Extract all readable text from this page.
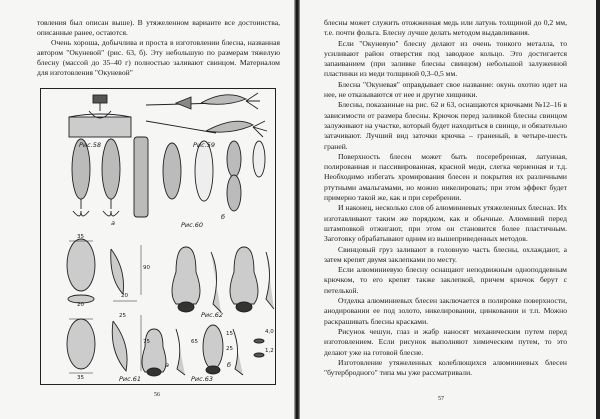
товления был описан выше). В утяжеленном варианте все достоинства, описанные ранее, остаются.

Очень хороша, добычлива и проста в изготовлении блесна, названная автором "Окуневой" (рис. 63, б). Эту небольшую по размерам тяжелую блесну (массой до 35–40 г) полностью заливают свинцом. Материалом для изготовления "Окуневой"

Рис.58	Рис.59
Рис.60
Рис.61
Рис.62
Рис.63
а
б
а	б
35
90
20
20
25
75
35
65
15
25
4,0
1,2
56

блесны может служить отожженная медь или латунь толщиной до 0,2 мм, т.е. почти фольга. Блесну лучше делать методом выдавливания.

Если "Окуневую" блесну делают из очень тонкого металла, то усиливают район отверстия под заводное кольцо. Это достигается запаиванием (при заливке блесны свинцом) небольшой залуженной пластинки из меди толщиной 0,3–0,5 мм.

Блесна "Окуневая" оправдывает свое название: окунь охотно идет на нее, не отказываются от нее и другие хищники.

Блесны, показанные на рис. 62 и 63, оснащаются крючками №12–16 в зависимости от размера блесны. Крючок перед заливкой блесны свинцом залуживают на участке, который будет находиться в свинце, и обязательно затачивают. Лучший вид заточки крючка – граненый, в четыре-шесть граней.

Поверхность блесен может быть посеребренная, латунная, полированная и пассивированная, красной меди, слегка черненная и т.д. Необходимо избегать хромирования блесен и покрытия их различными ртутными амальгамами, но можно никелировать; при этом эффект будет примерно такой же, как и при серебрении.

И наконец, несколько слов об алюминиевых утяжеленных блеснах. Их изготавливают таким же порядком, как и обычные. Алюминий перед штамповкой отжигают, при этом он становится более пластичным. Заготовку обрабатывают одним из вышеприведенных методов.

Свинцовый груз заливают в головную часть блесны, охлаждают, а затем крепят двумя заклепками по месту.

Если алюминиевую блесну оснащают неподвижным одноподдевным крючком, то его крепят также заклепкой, причем крючок берут с петелькой.

Отделка алюминиевых блесен заключается в полировке поверхности, анодировании ее под золото, никелировании, цинковании и т.п. Можно раскрашивать блесны красками.

Рисунок чешуи, глаз и жабр наносят механическим путем перед изготовлением. Если рисунок выполняют химическим путем, то это делают уже на готовой блесне.

Изготовление утяжеленных колеблющихся алюминиевых блесен "бутербродного" типа мы уже рассматривали.

57
